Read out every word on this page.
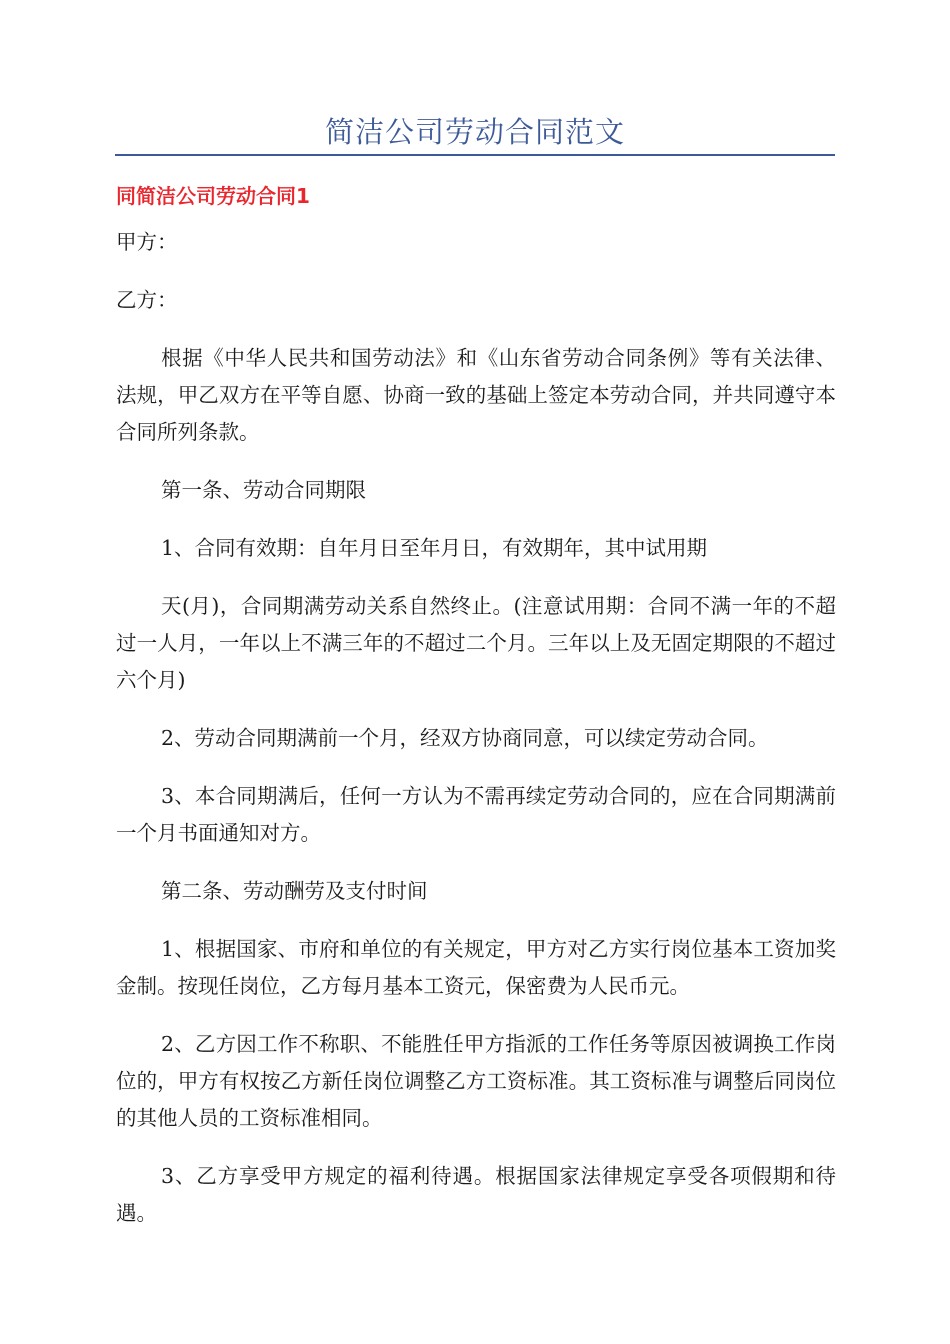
简洁公司劳动合同范文
同简洁公司劳动合同1

甲方：

乙方：

根据《中华人民共和国劳动法》和《山东省劳动合同条例》等有关法律、法规，甲乙双方在平等自愿、协商一致的基础上签定本劳动合同，并共同遵守本合同所列条款。

第一条、劳动合同期限

1、合同有效期：自年月日至年月日，有效期年，其中试用期

天(月)，合同期满劳动关系自然终止。(注意试用期：合同不满一年的不超过一人月，一年以上不满三年的不超过二个月。三年以上及无固定期限的不超过六个月)

2、劳动合同期满前一个月，经双方协商同意，可以续定劳动合同。

3、本合同期满后，任何一方认为不需再续定劳动合同的，应在合同期满前一个月书面通知对方。

第二条、劳动酬劳及支付时间

1、根据国家、市府和单位的有关规定，甲方对乙方实行岗位基本工资加奖金制。按现任岗位，乙方每月基本工资元，保密费为人民币元。

2、乙方因工作不称职、不能胜任甲方指派的工作任务等原因被调换工作岗位的，甲方有权按乙方新任岗位调整乙方工资标准。其工资标准与调整后同岗位的其他人员的工资标准相同。

3、乙方享受甲方规定的福利待遇。根据国家法律规定享受各项假期和待遇。
